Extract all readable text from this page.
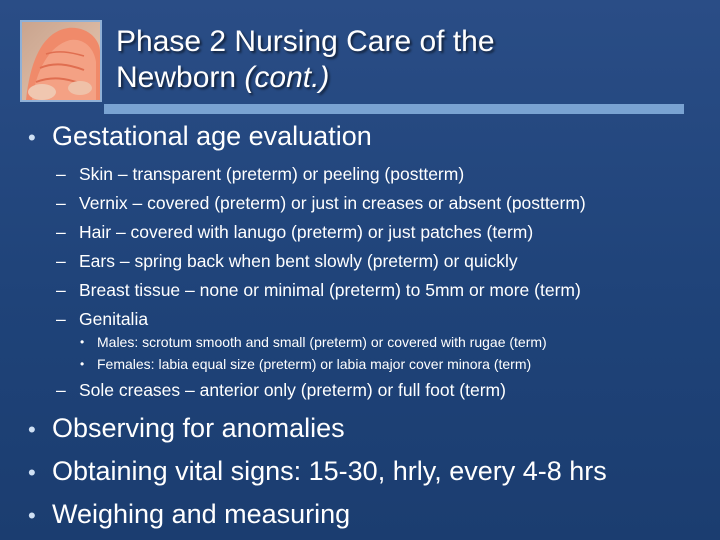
Phase 2 Nursing Care of the
Newborn (cont.)
• Gestational age evaluation
– Skin – transparent (preterm) or peeling (postterm)
– Vernix – covered (preterm) or just in creases or absent (postterm)
– Hair – covered with lanugo (preterm) or just patches (term)
– Ears – spring back when bent slowly (preterm) or quickly
– Breast tissue – none or minimal (preterm) to 5mm or more (term)
– Genitalia
• Males: scrotum smooth and small (preterm) or covered with rugae (term)
• Females: labia equal size (preterm) or labia major cover minora (term)
– Sole creases – anterior only (preterm) or full foot (term)
• Observing for anomalies
• Obtaining vital signs: 15-30, hrly, every 4-8 hrs
• Weighing and measuring
